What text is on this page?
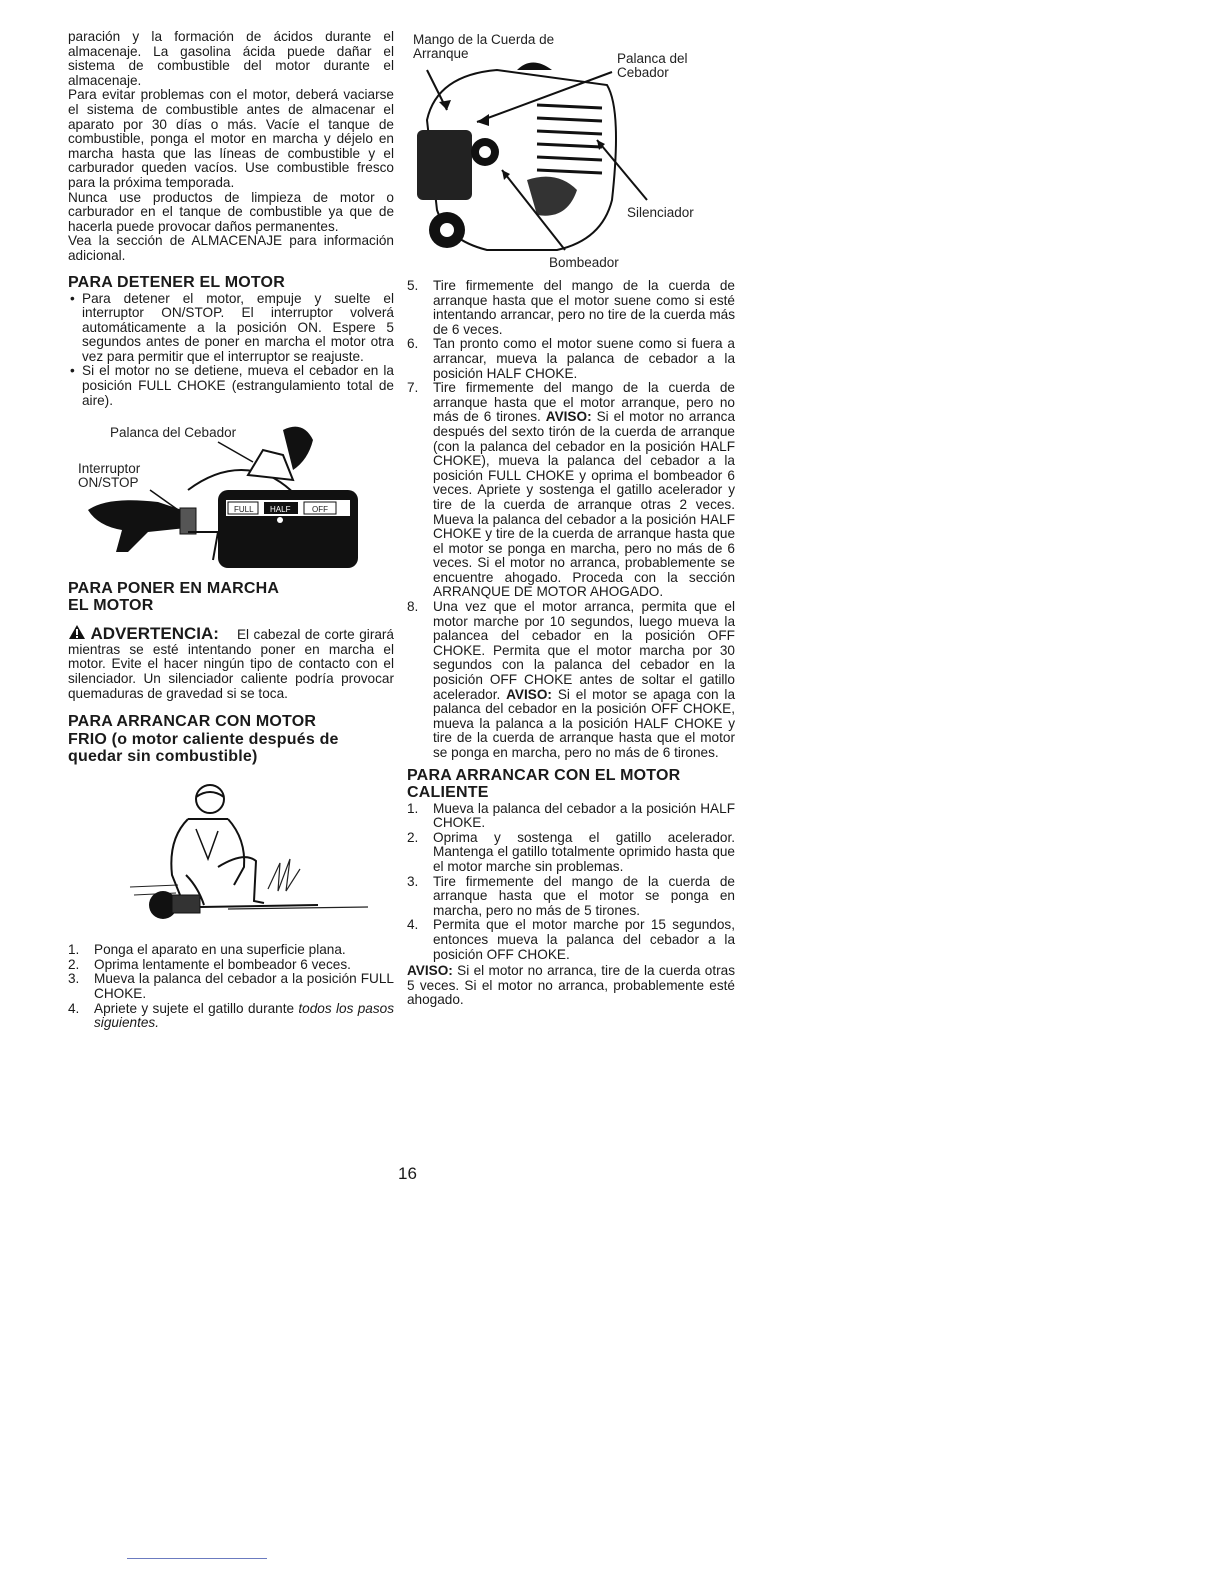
paración y la formación de ácidos durante el almacenaje. La gasolina ácida puede dañar el sistema de combustible del motor durante el almacenaje.

Para evitar problemas con el motor, deberá vaciarse el sistema de combustible antes de almacenar el aparato por 30 días o más. Vacíe el tanque de combustible, ponga el motor en marcha y déjelo en marcha hasta que las líneas de combustible y el carburador queden vacíos. Use combustible fresco para la próxima temporada.

Nunca use productos de limpieza de motor o carburador en el tanque de combustible ya que de hacerla puede provocar daños permanentes.

Vea la sección de ALMACENAJE para información adicional.

PARA DETENER EL MOTOR
• Para detener el motor, empuje y suelte el interruptor ON/STOP. El interruptor volverá automáticamente a la posición ON. Espere 5 segundos antes de poner en marcha el motor otra vez para permitir que el interruptor se reajuste.
• Si el motor no se detiene, mueva el cebador en la posición FULL CHOKE (estrangulamiento total de aire).
Palanca del Cebador
Interruptor ON/STOP
FULL HALF	OFF
PARA PONER EN MARCHA
EL MOTOR

ADVERTENCIA: El cabezal de corte girará mientras se esté intentando poner en marcha el motor. Evite el hacer ningún tipo de contacto con el silenciador. Un silenciador caliente podría provocar quemaduras de gravedad si se toca.

PARA ARRANCAR CON MOTOR
FRIO (o motor caliente después de quedar sin combustible)
1. Ponga el aparato en una superficie plana.
2. Oprima lentamente el bombeador 6 veces.
3. Mueva la palanca del cebador a la posición FULL CHOKE.
4. Apriete y sujete el gatillo durante todos los pasos siguientes.
Mango de la Cuerda de Arranque	Palanca del Cebador
Silenciador
Bombeador
5. Tire firmemente del mango de la cuerda de arranque hasta que el motor suene como si esté intentando arrancar, pero no tire de la cuerda más de 6 veces.
6. Tan pronto como el motor suene como si fuera a arrancar, mueva la palanca de cebador a la posición HALF CHOKE.
7. Tire firmemente del mango de la cuerda de arranque hasta que el motor arranque, pero no más de 6 tirones. AVISO: Si el motor no arranca después del sexto tirón de la cuerda de arranque (con la palanca del cebador en la posición HALF CHOKE), mueva la palanca del cebador a la posición FULL CHOKE y oprima el bombeador 6 veces. Apriete y sostenga el gatillo acelerador y tire de la cuerda de arranque otras 2 veces. Mueva la palanca del cebador a la posición HALF CHOKE y tire de la cuerda de arranque hasta que el motor se ponga en marcha, pero no más de 6 veces. Si el motor no arranca, probablemente se encuentre ahogado. Proceda con la sección ARRANQUE DE MOTOR AHOGADO.
8. Una vez que el motor arranca, permita que el motor marche por 10 segundos, luego mueva la palancea del cebador en la posición OFF CHOKE. Permita que el motor marcha por 30 segundos con la palanca del cebador en la posición OFF CHOKE antes de soltar el gatillo acelerador. AVISO: Si el motor se apaga con la palanca del cebador en la posición OFF CHOKE, mueva la palanca a la posición HALF CHOKE y tire de la cuerda de arranque hasta que el motor se ponga en marcha, pero no más de 6 tirones.
PARA ARRANCAR CON EL MOTOR
CALIENTE
1. Mueva la palanca del cebador a la posición HALF CHOKE.
2. Oprima y sostenga el gatillo acelerador. Mantenga el gatillo totalmente oprimido hasta que el motor marche sin problemas.
3. Tire firmemente del mango de la cuerda de arranque hasta que el motor se ponga en marcha, pero no más de 5 tirones.
4. Permita que el motor marche por 15 segundos, entonces mueva la palanca del cebador a la posición OFF CHOKE.

AVISO: Si el motor no arranca, tire de la cuerda otras 5 veces. Si el motor no arranca, probablemente esté ahogado.

16
